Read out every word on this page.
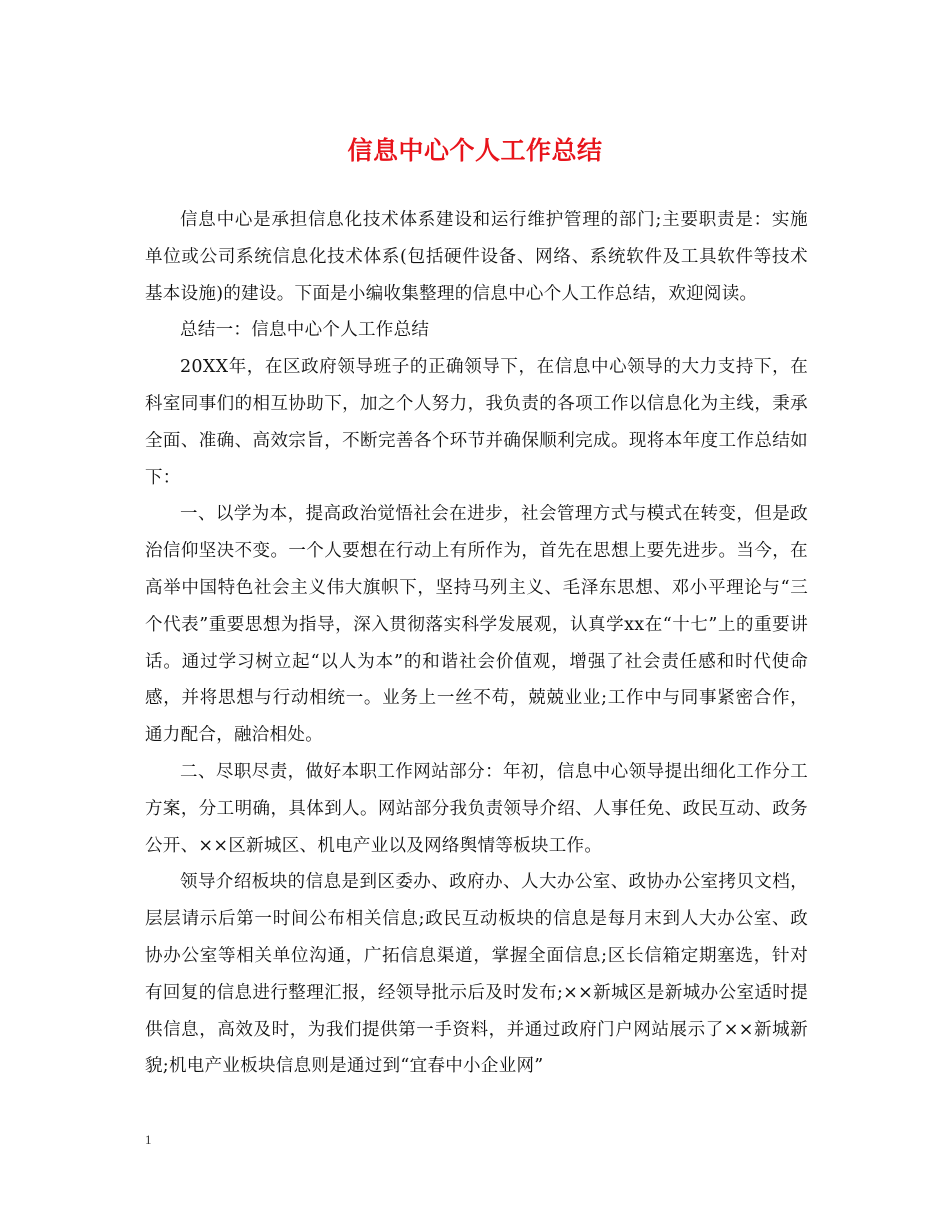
信息中心个人工作总结

信息中心是承担信息化技术体系建设和运行维护管理的部门;主要职责是：实施单位或公司系统信息化技术体系(包括硬件设备、网络、系统软件及工具软件等技术基本设施)的建设。下面是小编收集整理的信息中心个人工作总结，欢迎阅读。

总结一：信息中心个人工作总结

20XX年，在区政府领导班子的正确领导下，在信息中心领导的大力支持下，在科室同事们的相互协助下，加之个人努力，我负责的各项工作以信息化为主线，秉承全面、准确、高效宗旨，不断完善各个环节并确保顺利完成。现将本年度工作总结如下：

一、以学为本，提高政治觉悟社会在进步，社会管理方式与模式在转变，但是政治信仰坚决不变。一个人要想在行动上有所作为，首先在思想上要先进步。当今，在高举中国特色社会主义伟大旗帜下，坚持马列主义、毛泽东思想、邓小平理论与“三个代表”重要思想为指导，深入贯彻落实科学发展观，认真学xx在“十七”上的重要讲话。通过学习树立起“以人为本”的和谐社会价值观，增强了社会责任感和时代使命感，并将思想与行动相统一。业务上一丝不苟，兢兢业业;工作中与同事紧密合作，通力配合，融洽相处。

二、尽职尽责，做好本职工作网站部分：年初，信息中心领导提出细化工作分工方案，分工明确，具体到人。网站部分我负责领导介绍、人事任免、政民互动、政务公开、××区新城区、机电产业以及网络舆情等板块工作。

领导介绍板块的信息是到区委办、政府办、人大办公室、政协办公室拷贝文档，层层请示后第一时间公布相关信息;政民互动板块的信息是每月末到人大办公室、政协办公室等相关单位沟通，广拓信息渠道，掌握全面信息;区长信箱定期塞选，针对有回复的信息进行整理汇报，经领导批示后及时发布;××新城区是新城办公室适时提供信息，高效及时，为我们提供第一手资料，并通过政府门户网站展示了××新城新貌;机电产业板块信息则是通过到“宜春中小企业网”

1
